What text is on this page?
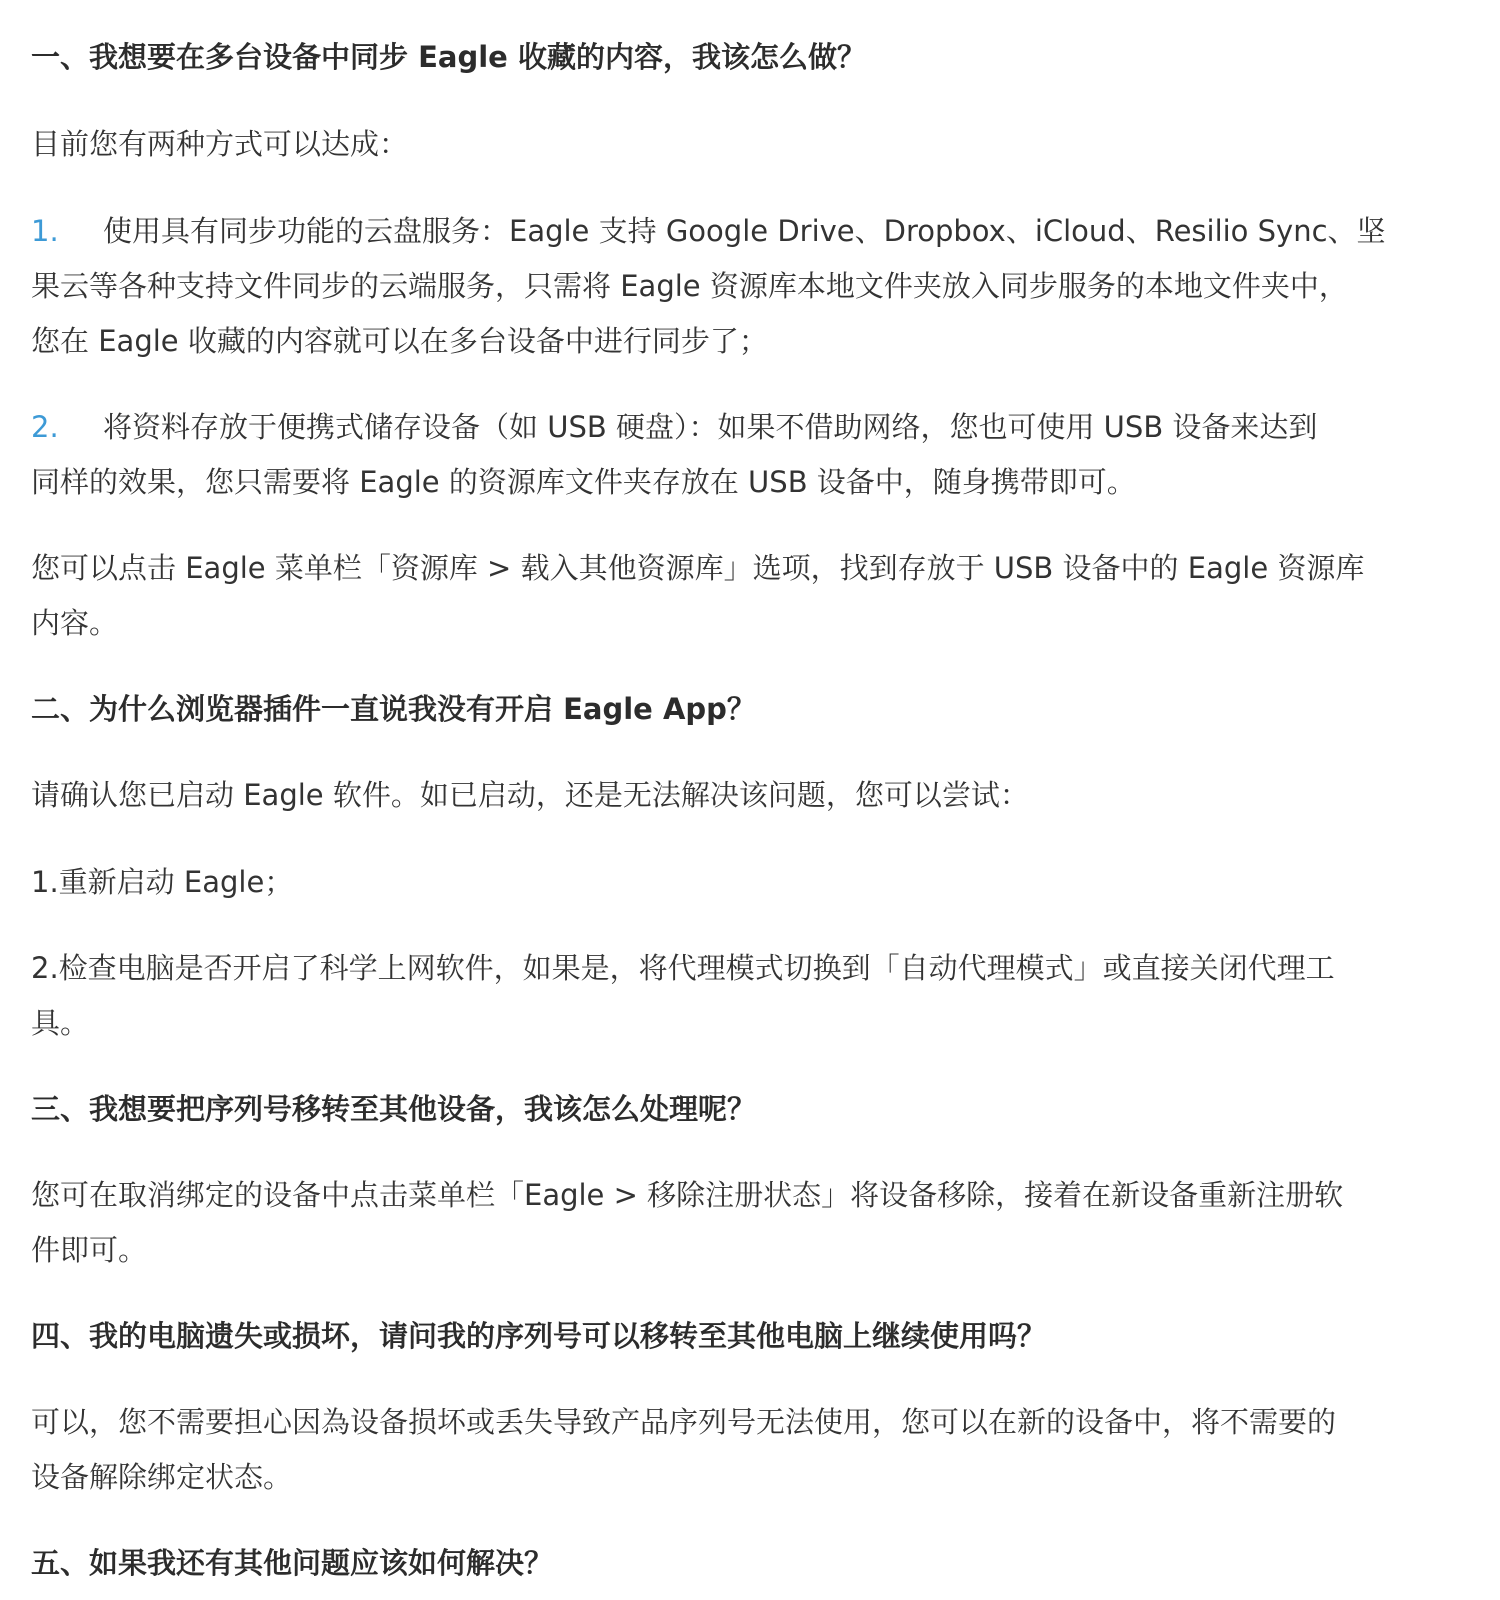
一、我想要在多台设备中同步 Eagle 收藏的内容，我该怎么做？
目前您有两种方式可以达成：
1. 使用具有同步功能的云盘服务：Eagle 支持 Google Drive、Dropbox、iCloud、Resilio Sync、坚
果云等各种支持文件同步的云端服务，只需将 Eagle 资源库本地文件夹放入同步服务的本地文件夹中，
您在 Eagle 收藏的内容就可以在多台设备中进行同步了；
2. 将资料存放于便携式储存设备（如 USB 硬盘）：如果不借助网络，您也可使用 USB 设备来达到
同样的效果，您只需要将 Eagle 的资源库文件夹存放在 USB 设备中，随身携带即可。
您可以点击 Eagle 菜单栏「资源库 > 载入其他资源库」选项，找到存放于 USB 设备中的 Eagle 资源库
内容。
二、为什么浏览器插件一直说我没有开启 Eagle App？
请确认您已启动 Eagle 软件。如已启动，还是无法解决该问题，您可以尝试：
1.重新启动 Eagle；
2.检查电脑是否开启了科学上网软件，如果是，将代理模式切换到「自动代理模式」或直接关闭代理工
具。
三、我想要把序列号移转至其他设备，我该怎么处理呢？
您可在取消绑定的设备中点击菜单栏「Eagle > 移除注册状态」将设备移除，接着在新设备重新注册软
件即可。
四、我的电脑遗失或损坏，请问我的序列号可以移转至其他电脑上继续使用吗？
可以，您不需要担心因為设备损坏或丢失导致产品序列号无法使用，您可以在新的设备中，将不需要的
设备解除绑定状态。
五、如果我还有其他问题应该如何解决？
